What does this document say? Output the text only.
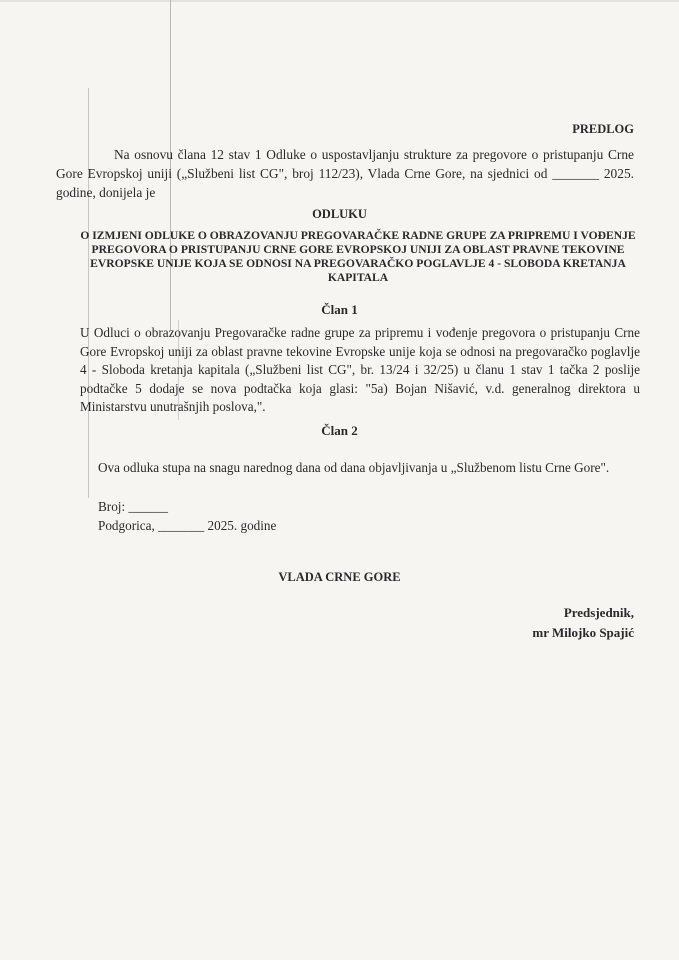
PREDLOG
Na osnovu člana 12 stav 1 Odluke o uspostavljanju strukture za pregovore o pristupanju Crne Gore Evropskoj uniji („Službeni list CG", broj 112/23), Vlada Crne Gore, na sjednici od _______ 2025. godine, donijela je
ODLUKU
O IZMJENI ODLUKE O OBRAZOVANJU PREGOVARAČKE RADNE GRUPE ZA PRIPREMU I VOĐENJE PREGOVORA O PRISTUPANJU CRNE GORE EVROPSKOJ UNIJI ZA OBLAST PRAVNE TEKOVINE EVROPSKE UNIJE KOJA SE ODNOSI NA PREGOVARAČKO POGLAVLJE 4 - SLOBODA KRETANJA KAPITALA
Član 1
U Odluci o obrazovanju Pregovaračke radne grupe za pripremu i vođenje pregovora o pristupanju Crne Gore Evropskoj uniji za oblast pravne tekovine Evropske unije koja se odnosi na pregovaračko poglavlje 4 - Sloboda kretanja kapitala („Službeni list CG", br. 13/24 i 32/25) u članu 1 stav 1 tačka 2 poslije podtačke 5 dodaje se nova podtačka koja glasi: "5a) Bojan Nišavić, v.d. generalnog direktora u Ministarstvu unutrašnjih poslova,".
Član 2
Ova odluka stupa na snagu narednog dana od dana objavljivanja u „Službenom listu Crne Gore".
Broj: ______
Podgorica, _______ 2025. godine
VLADA CRNE GORE
Predsjednik,
mr Milojko Spajić
